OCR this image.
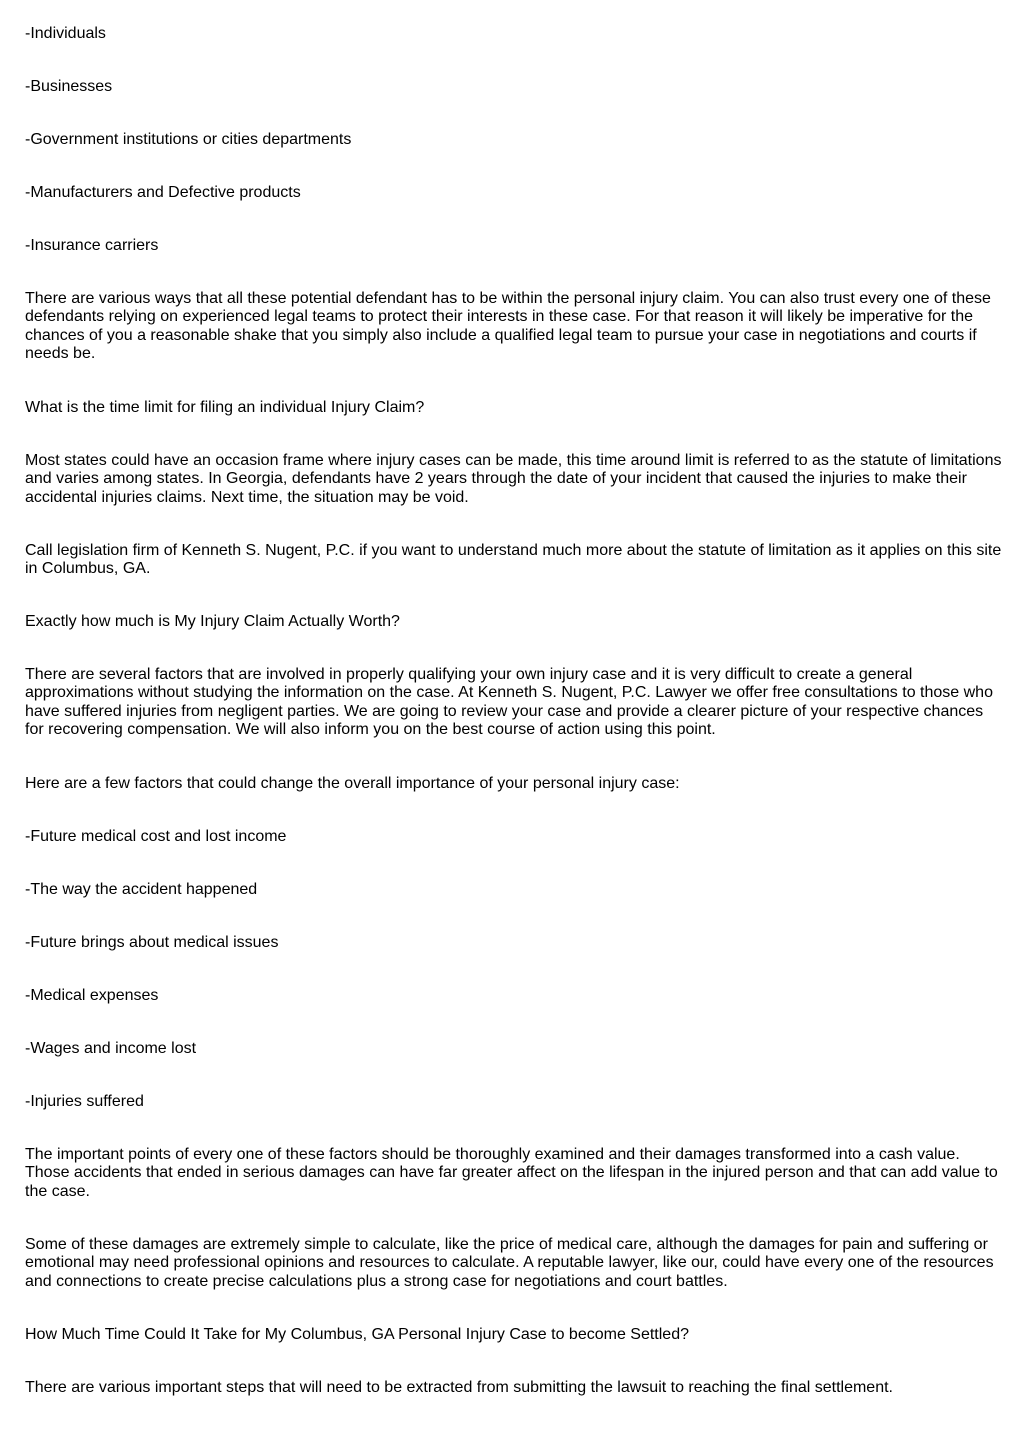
-Individuals

-Businesses

-Government institutions or cities departments

-Manufacturers and Defective products

-Insurance carriers

There are various ways that all these potential defendant has to be within the personal injury claim. You can also trust every one of these defendants relying on experienced legal teams to protect their interests in these case. For that reason it will likely be imperative for the chances of you a reasonable shake that you simply also include a qualified legal team to pursue your case in negotiations and courts if needs be.

What is the time limit for filing an individual Injury Claim?

Most states could have an occasion frame where injury cases can be made, this time around limit is referred to as the statute of limitations and varies among states. In Georgia, defendants have 2 years through the date of your incident that caused the injuries to make their accidental injuries claims. Next time, the situation may be void.

Call legislation firm of Kenneth S. Nugent, P.C. if you want to understand much more about the statute of limitation as it applies on this site in Columbus, GA.

Exactly how much is My Injury Claim Actually Worth?

There are several factors that are involved in properly qualifying your own injury case and it is very difficult to create a general approximations without studying the information on the case. At Kenneth S. Nugent, P.C. Lawyer we offer free consultations to those who have suffered injuries from negligent parties. We are going to review your case and provide a clearer picture of your respective chances for recovering compensation. We will also inform you on the best course of action using this point.

Here are a few factors that could change the overall importance of your personal injury case:

-Future medical cost and lost income

-The way the accident happened

-Future brings about medical issues

-Medical expenses

-Wages and income lost

-Injuries suffered

The important points of every one of these factors should be thoroughly examined and their damages transformed into a cash value. Those accidents that ended in serious damages can have far greater affect on the lifespan in the injured person and that can add value to the case.

Some of these damages are extremely simple to calculate, like the price of medical care, although the damages for pain and suffering or emotional may need professional opinions and resources to calculate. A reputable lawyer, like our, could have every one of the resources and connections to create precise calculations plus a strong case for negotiations and court battles.

How Much Time Could It Take for My Columbus, GA Personal Injury Case to become Settled?

There are various important steps that will need to be extracted from submitting the lawsuit to reaching the final settlement.
